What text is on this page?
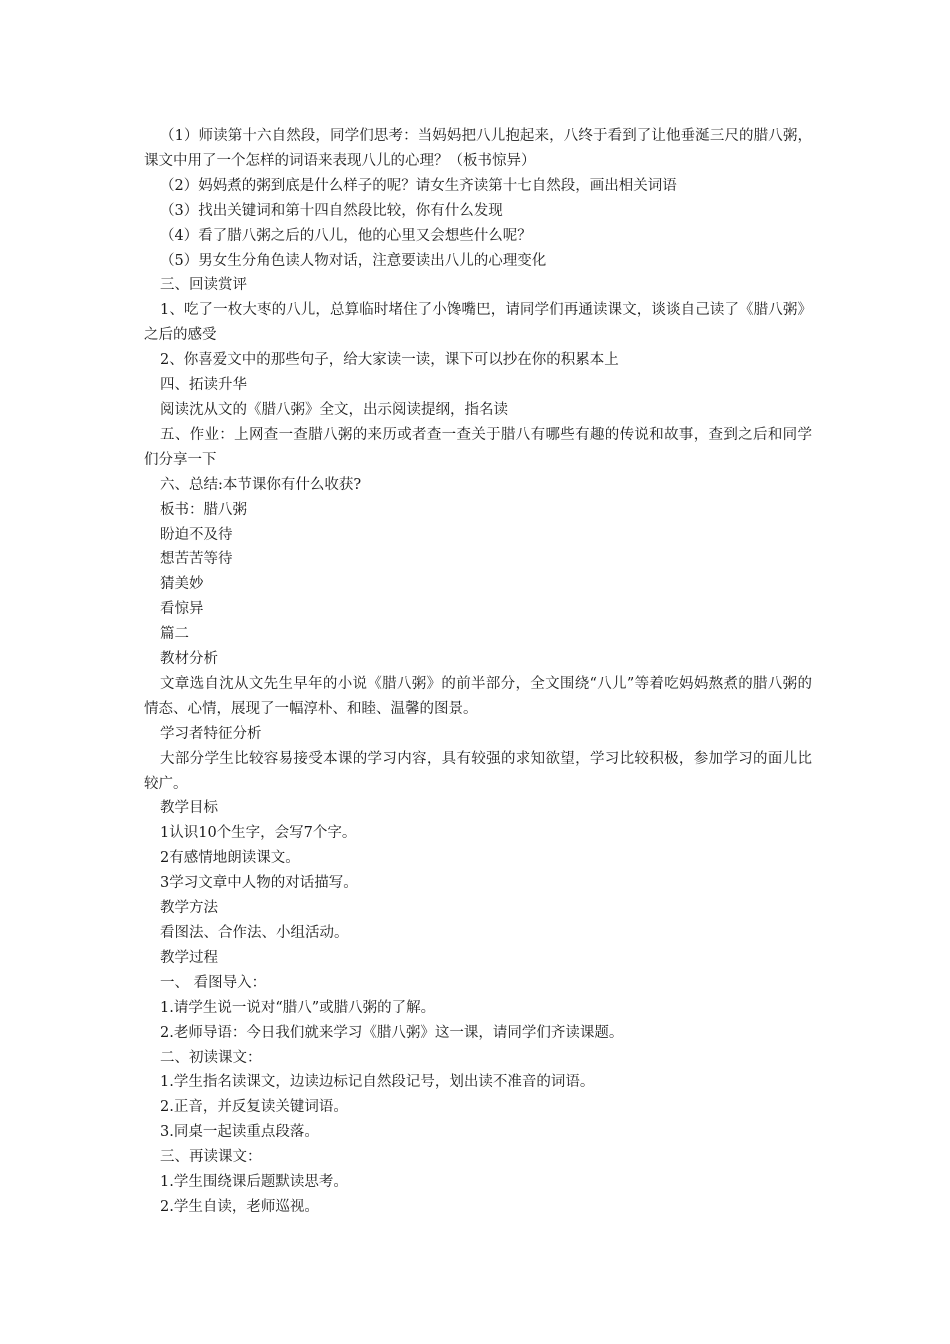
（1）师读第十六自然段，同学们思考：当妈妈把八儿抱起来，八终于看到了让他垂涎三尺的腊八粥，课文中用了一个怎样的词语来表现八儿的心理？（板书惊异）

（2）妈妈煮的粥到底是什么样子的呢？请女生齐读第十七自然段，画出相关词语

（3）找出关键词和第十四自然段比较，你有什么发现

（4）看了腊八粥之后的八儿，他的心里又会想些什么呢？

（5）男女生分角色读人物对话，注意要读出八儿的心理变化

三、回读赏评

1、吃了一枚大枣的八儿，总算临时堵住了小馋嘴巴，请同学们再通读课文，谈谈自己读了《腊八粥》之后的感受

2、你喜爱文中的那些句子，给大家读一读，课下可以抄在你的积累本上

四、拓读升华

阅读沈从文的《腊八粥》全文，出示阅读提纲，指名读

五、作业：上网查一查腊八粥的来历或者查一查关于腊八有哪些有趣的传说和故事，查到之后和同学们分享一下

六、总结:本节课你有什么收获?

板书：腊八粥

盼迫不及待

想苦苦等待

猜美妙

看惊异

篇二

教材分析

文章选自沈从文先生早年的小说《腊八粥》的前半部分，全文围绕“八儿”等着吃妈妈熬煮的腊八粥的情态、心情，展现了一幅淳朴、和睦、温馨的图景。

学习者特征分析

大部分学生比较容易接受本课的学习内容，具有较强的求知欲望，学习比较积极，参加学习的面儿比较广。

教学目标

1认识10个生字，会写7个字。

2有感情地朗读课文。

3学习文章中人物的对话描写。

教学方法

看图法、合作法、小组活动。

教学过程

一、 看图导入：

1.请学生说一说对“腊八”或腊八粥的了解。

2.老师导语：今日我们就来学习《腊八粥》这一课，请同学们齐读课题。

二、初读课文：

1.学生指名读课文，边读边标记自然段记号，划出读不准音的词语。

2.正音，并反复读关键词语。

3.同桌一起读重点段落。

三、再读课文：

1.学生围绕课后题默读思考。

2.学生自读，老师巡视。
